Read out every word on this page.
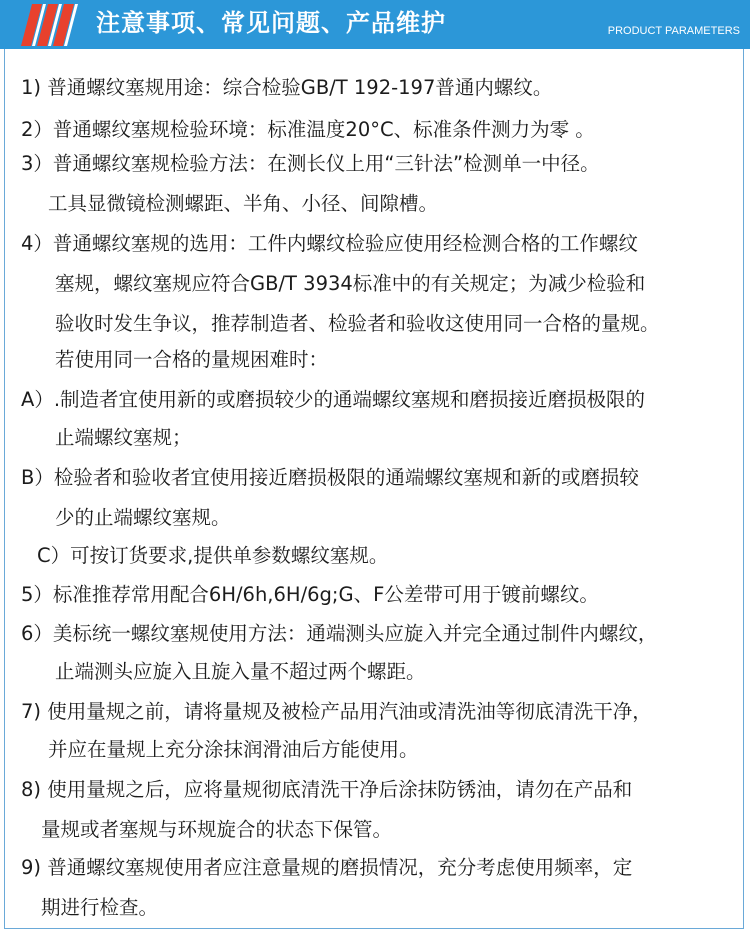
注意事项、常见问题、产品维护	PRODUCT PARAMETERS
1) 普通螺纹塞规用途：综合检验GB/T 192-197普通内螺纹。
2）普通螺纹塞规检验环境：标准温度20°C、标准条件测力为零 。
3）普通螺纹塞规检验方法：在测长仪上用“三针法”检测单一中径。
工具显微镜检测螺距、半角、小径、间隙槽。
4）普通螺纹塞规的选用：工件内螺纹检验应使用经检测合格的工作螺纹
塞规，螺纹塞规应符合GB/T 3934标准中的有关规定；为减少检验和
验收时发生争议，推荐制造者、检验者和验收这使用同一合格的量规。
若使用同一合格的量规困难时：
A）.制造者宜使用新的或磨损较少的通端螺纹塞规和磨损接近磨损极限的
止端螺纹塞规；
B）检验者和验收者宜使用接近磨损极限的通端螺纹塞规和新的或磨损较
少的止端螺纹塞规。
C）可按订货要求,提供单参数螺纹塞规。
5）标准推荐常用配合6H/6h,6H/6g;G、F公差带可用于镀前螺纹。
6）美标统一螺纹塞规使用方法：通端测头应旋入并完全通过制件内螺纹，
止端测头应旋入且旋入量不超过两个螺距。
7) 使用量规之前，请将量规及被检产品用汽油或清洗油等彻底清洗干净，
并应在量规上充分涂抹润滑油后方能使用。
8) 使用量规之后，应将量规彻底清洗干净后涂抹防锈油，请勿在产品和
量规或者塞规与环规旋合的状态下保管。
9) 普通螺纹塞规使用者应注意量规的磨损情况，充分考虑使用频率，定
期进行检查。
